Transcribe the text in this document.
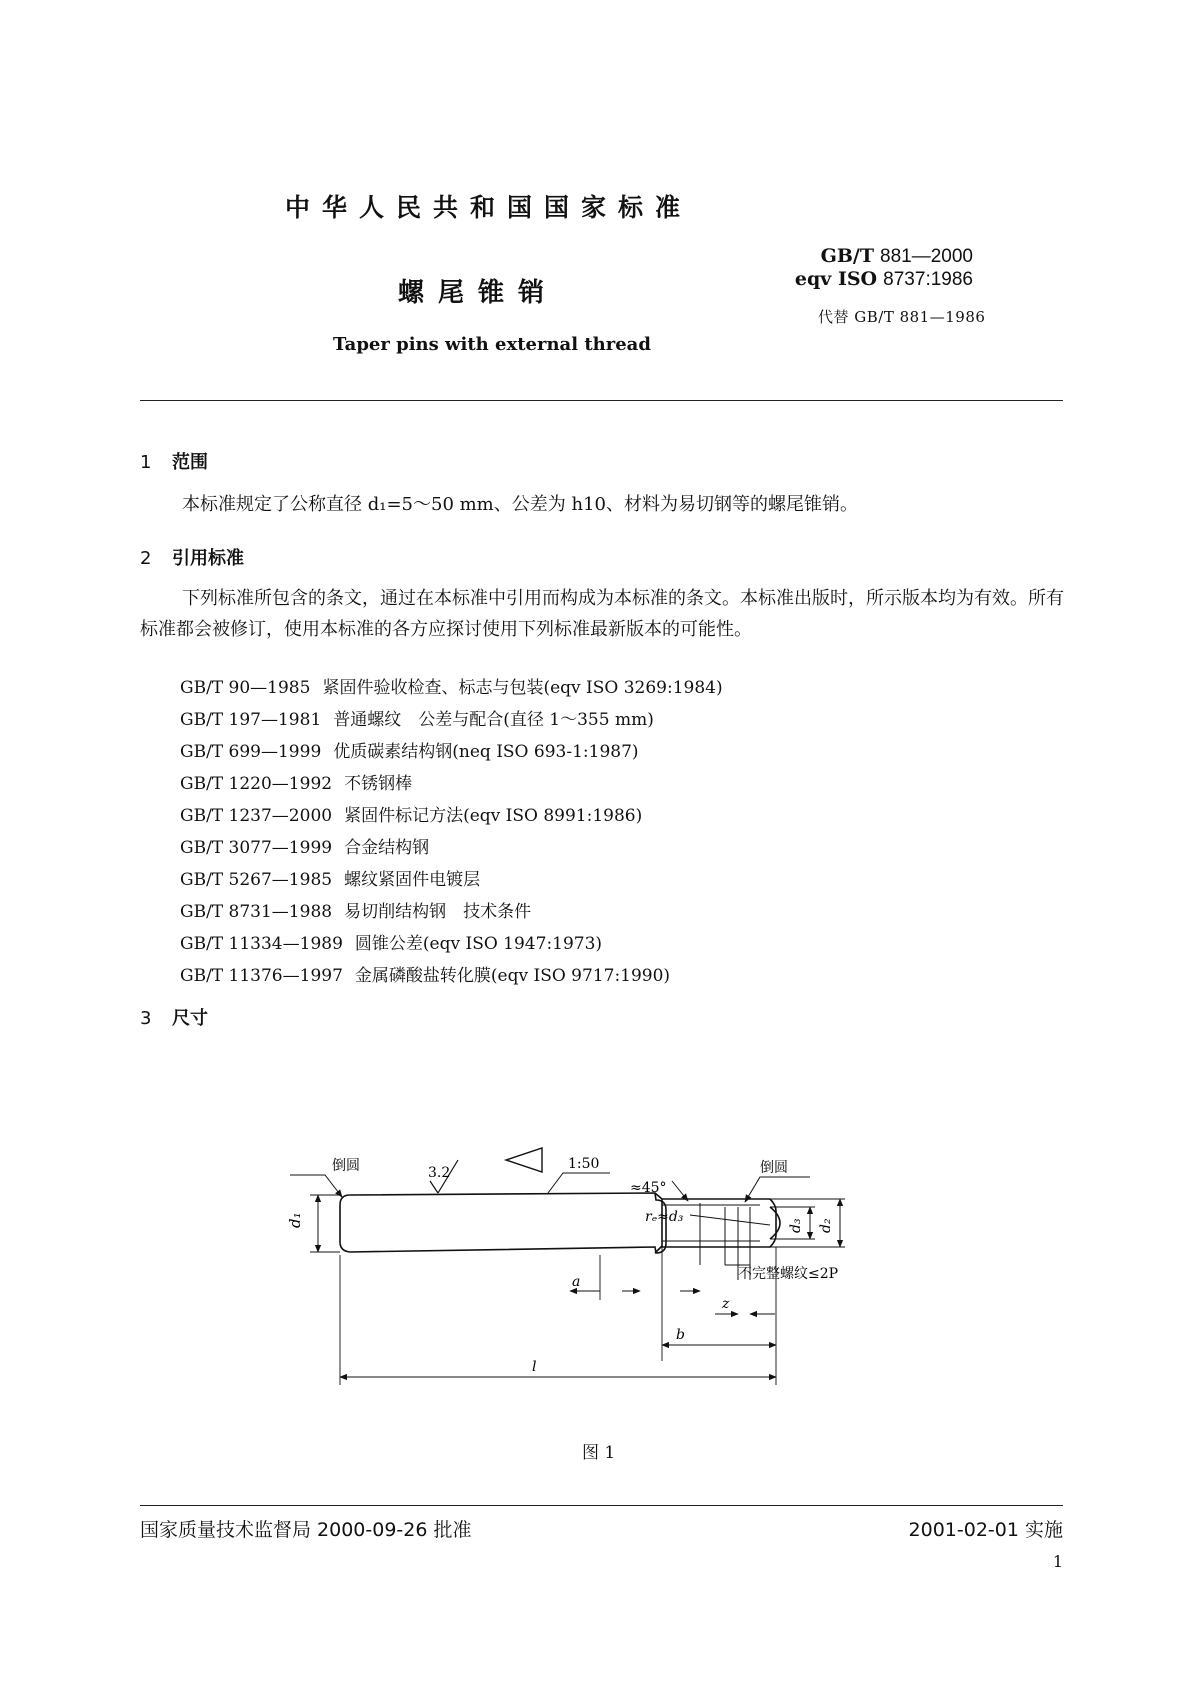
中华人民共和国国家标准
螺尾锥销
Taper pins with external thread
GB/T 881—2000
eqv ISO 8737:1986
代替 GB/T 881—1986
1 范围
本标准规定了公称直径 d₁=5～50 mm、公差为 h10、材料为易切钢等的螺尾锥销。
2 引用标准
下列标准所包含的条文，通过在本标准中引用而构成为本标准的条文。本标准出版时，所示版本均为有效。所有标准都会被修订，使用本标准的各方应探讨使用下列标准最新版本的可能性。
GB/T 90—1985 紧固件验收检查、标志与包装(eqv ISO 3269:1984)
GB/T 197—1981 普通螺纹　公差与配合(直径 1～355 mm)
GB/T 699—1999 优质碳素结构钢(neq ISO 693-1:1987)
GB/T 1220—1992 不锈钢棒
GB/T 1237—2000 紧固件标记方法(eqv ISO 8991:1986)
GB/T 3077—1999 合金结构钢
GB/T 5267—1985 螺纹紧固件电镀层
GB/T 8731—1988 易切削结构钢　技术条件
GB/T 11334—1989 圆锥公差(eqv ISO 1947:1973)
GB/T 11376—1997 金属磷酸盐转化膜(eqv ISO 9717:1990)
3 尺寸
d₁	d₃ d₂
倒圆	倒圆
3.2
1:50
≈45°
rₑ≈d₃
不完整螺纹≤2P
a
z
b
l
图 1
国家质量技术监督局 2000-09-26 批准	2001-02-01 实施
1
